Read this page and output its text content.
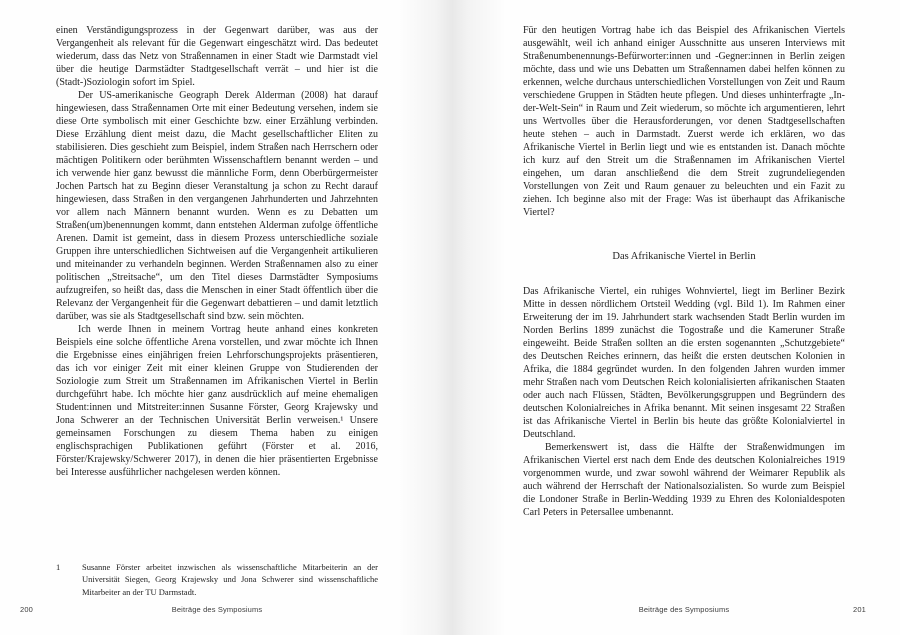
einen Verständigungsprozess in der Gegenwart darüber, was aus der Vergangenheit als relevant für die Gegenwart eingeschätzt wird. Das bedeutet wiederum, dass das Netz von Straßennamen in einer Stadt wie Darmstadt viel über die heutige Darmstädter Stadtgesellschaft verrät – und hier ist die (Stadt-)Soziologin sofort im Spiel.

Der US-amerikanische Geograph Derek Alderman (2008) hat darauf hingewiesen, dass Straßennamen Orte mit einer Bedeutung versehen, indem sie diese Orte symbolisch mit einer Geschichte bzw. einer Erzählung verbinden. Diese Erzählung dient meist dazu, die Macht gesellschaftlicher Eliten zu stabilisieren. Dies geschieht zum Beispiel, indem Straßen nach Herrschern oder mächtigen Politikern oder berühmten Wissenschaftlern benannt werden – und ich verwende hier ganz bewusst die männliche Form, denn Oberbürgermeister Jochen Partsch hat zu Beginn dieser Veranstaltung ja schon zu Recht darauf hingewiesen, dass Straßen in den vergangenen Jahrhunderten und Jahrzehnten vor allem nach Männern benannt wurden. Wenn es zu Debatten um Straßen(um)benennungen kommt, dann entstehen Alderman zufolge öffentliche Arenen. Damit ist gemeint, dass in diesem Prozess unterschiedliche soziale Gruppen ihre unterschiedlichen Sichtweisen auf die Vergangenheit artikulieren und miteinander zu verhandeln beginnen. Werden Straßennamen also zu einer politischen „Streitsache“, um den Titel dieses Darmstädter Symposiums aufzugreifen, so heißt das, dass die Menschen in einer Stadt öffentlich über die Relevanz der Vergangenheit für die Gegenwart debattieren – und damit letztlich darüber, was sie als Stadtgesellschaft sind bzw. sein möchten.

Ich werde Ihnen in meinem Vortrag heute anhand eines konkreten Beispiels eine solche öffentliche Arena vorstellen, und zwar möchte ich Ihnen die Ergebnisse eines einjährigen freien Lehrforschungsprojekts präsentieren, das ich vor einiger Zeit mit einer kleinen Gruppe von Studierenden der Soziologie zum Streit um Straßennamen im Afrikanischen Viertel in Berlin durchgeführt habe. Ich möchte hier ganz ausdrücklich auf meine ehemaligen Student:innen und Mitstreiter:innen Susanne Förster, Georg Krajewsky und Jona Schwerer an der Technischen Universität Berlin verweisen.¹ Unsere gemeinsamen Forschungen zu diesem Thema haben zu einigen englischsprachigen Publikationen geführt (Förster et al. 2016, Förster/Krajewsky/Schwerer 2017), in denen die hier präsentierten Ergebnisse bei Interesse ausführlicher nachgelesen werden können.

1	Susanne Förster arbeitet inzwischen als wissenschaftliche Mitarbeiterin an der Universität Siegen, Georg Krajewsky und Jona Schwerer sind wissenschaftliche Mitarbeiter an der TU Darmstadt.
200	Beiträge des Symposiums

Für den heutigen Vortrag habe ich das Beispiel des Afrikanischen Viertels ausgewählt, weil ich anhand einiger Ausschnitte aus unseren Interviews mit Straßenumbenennungs-Befürworter:innen und -Gegner:innen in Berlin zeigen möchte, dass und wie uns Debatten um Straßennamen dabei helfen können zu erkennen, welche durchaus unterschiedlichen Vorstellungen von Zeit und Raum verschiedene Gruppen in Städten heute pflegen. Und dieses unhinterfragte „In-der-Welt-Sein“ in Raum und Zeit wiederum, so möchte ich argumentieren, lehrt uns Wertvolles über die Herausforderungen, vor denen Stadtgesellschaften heute stehen – auch in Darmstadt. Zuerst werde ich erklären, wo das Afrikanische Viertel in Berlin liegt und wie es entstanden ist. Danach möchte ich kurz auf den Streit um die Straßennamen im Afrikanischen Viertel eingehen, um daran anschließend die dem Streit zugrundeliegenden Vorstellungen von Zeit und Raum genauer zu beleuchten und ein Fazit zu ziehen. Ich beginne also mit der Frage: Was ist überhaupt das Afrikanische Viertel?

Das Afrikanische Viertel in Berlin

Das Afrikanische Viertel, ein ruhiges Wohnviertel, liegt im Berliner Bezirk Mitte in dessen nördlichem Ortsteil Wedding (vgl. Bild 1). Im Rahmen einer Erweiterung der im 19. Jahrhundert stark wachsenden Stadt Berlin wurden im Norden Berlins 1899 zunächst die Togostraße und die Kameruner Straße eingeweiht. Beide Straßen sollten an die ersten sogenannten „Schutzgebiete“ des Deutschen Reiches erinnern, das heißt die ersten deutschen Kolonien in Afrika, die 1884 gegründet wurden. In den folgenden Jahren wurden immer mehr Straßen nach vom Deutschen Reich kolonialisierten afrikanischen Staaten oder auch nach Flüssen, Städten, Bevölkerungsgruppen und Begründern des deutschen Kolonialreiches in Afrika benannt. Mit seinen insgesamt 22 Straßen ist das Afrikanische Viertel in Berlin bis heute das größte Kolonialviertel in Deutschland.

Bemerkenswert ist, dass die Hälfte der Straßenwidmungen im Afrikanischen Viertel erst nach dem Ende des deutschen Kolonialreiches 1919 vorgenommen wurde, und zwar sowohl während der Weimarer Republik als auch während der Herrschaft der Nationalsozialisten. So wurde zum Beispiel die Londoner Straße in Berlin-Wedding 1939 zu Ehren des Kolonialdespoten Carl Peters in Petersallee umbenannt.

Beiträge des Symposiums	201
